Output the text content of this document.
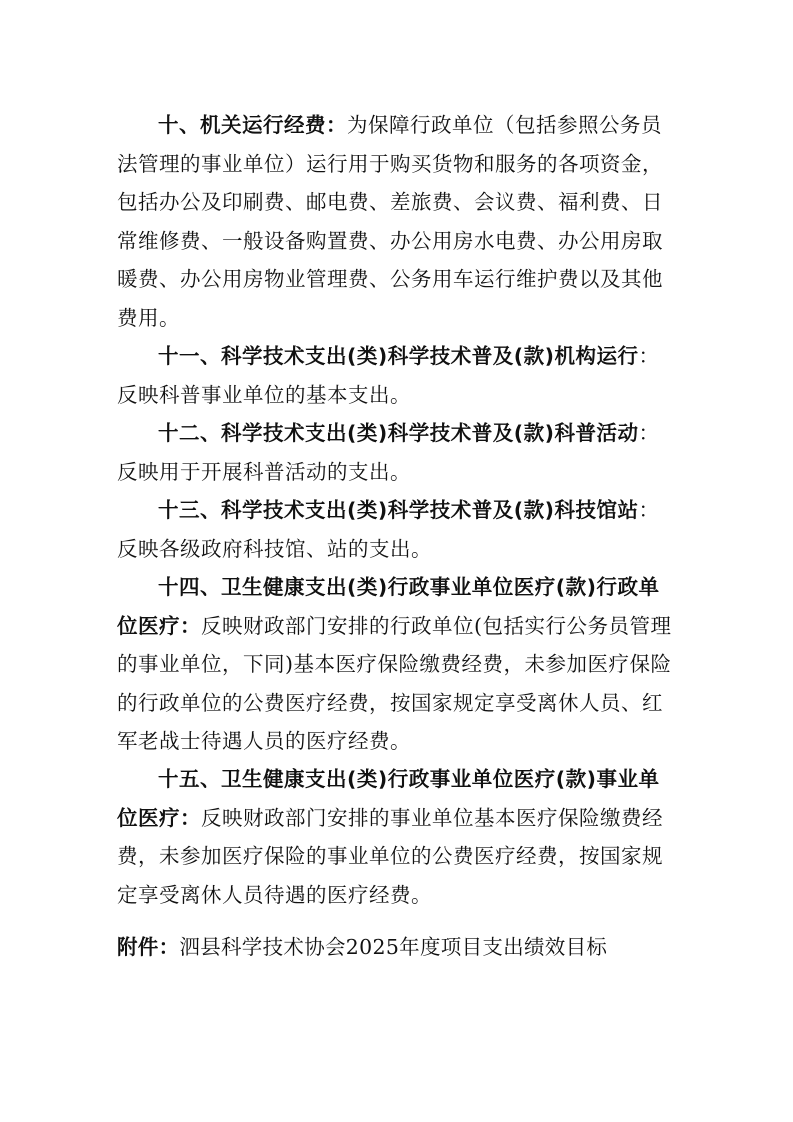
十、机关运行经费：为保障行政单位（包括参照公务员法管理的事业单位）运行用于购买货物和服务的各项资金，包括办公及印刷费、邮电费、差旅费、会议费、福利费、日常维修费、一般设备购置费、办公用房水电费、办公用房取暖费、办公用房物业管理费、公务用车运行维护费以及其他费用。

十一、科学技术支出(类)科学技术普及(款)机构运行：反映科普事业单位的基本支出。

十二、科学技术支出(类)科学技术普及(款)科普活动：反映用于开展科普活动的支出。

十三、科学技术支出(类)科学技术普及(款)科技馆站：反映各级政府科技馆、站的支出。

十四、卫生健康支出(类)行政事业单位医疗(款)行政单位医疗：反映财政部门安排的行政单位(包括实行公务员管理的事业单位，下同)基本医疗保险缴费经费，未参加医疗保险的行政单位的公费医疗经费，按国家规定享受离休人员、红军老战士待遇人员的医疗经费。

十五、卫生健康支出(类)行政事业单位医疗(款)事业单位医疗：反映财政部门安排的事业单位基本医疗保险缴费经费，未参加医疗保险的事业单位的公费医疗经费，按国家规定享受离休人员待遇的医疗经费。

附件：泗县科学技术协会2025年度项目支出绩效目标
